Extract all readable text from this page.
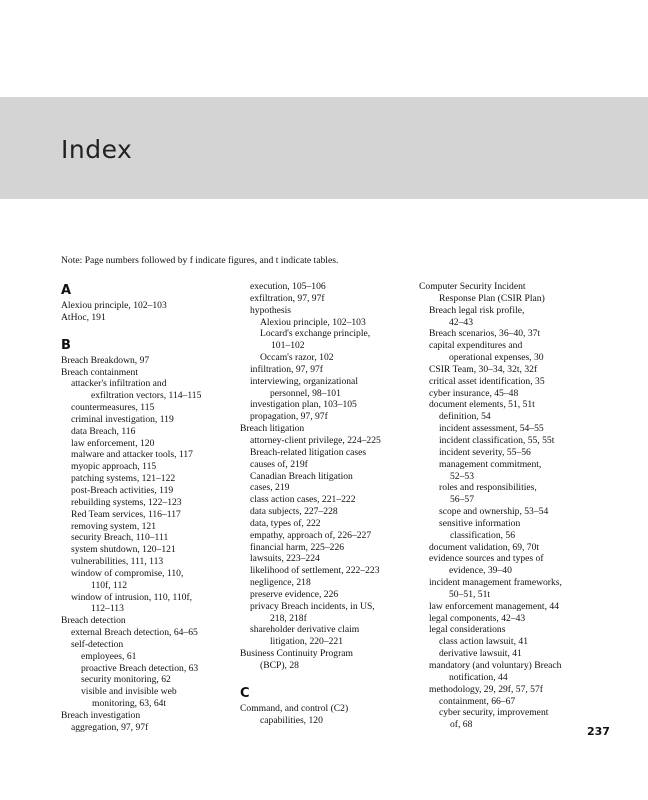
Index
Note: Page numbers followed by f indicate figures, and t indicate tables.
A
Alexiou principle, 102–103
AtHoc, 191
B
Breach Breakdown, 97
Breach containment
attacker's infiltration and
exfiltration vectors, 114–115
countermeasures, 115
criminal investigation, 119
data Breach, 116
law enforcement, 120
malware and attacker tools, 117
myopic approach, 115
patching systems, 121–122
post-Breach activities, 119
rebuilding systems, 122–123
Red Team services, 116–117
removing system, 121
security Breach, 110–111
system shutdown, 120–121
vulnerabilities, 111, 113
window of compromise, 110,
110f, 112
window of intrusion, 110, 110f,
112–113
Breach detection
external Breach detection, 64–65
self-detection
employees, 61
proactive Breach detection, 63
security monitoring, 62
visible and invisible web
monitoring, 63, 64t
Breach investigation
aggregation, 97, 97f
execution, 105–106
exfiltration, 97, 97f
hypothesis
Alexiou principle, 102–103
Locard's exchange principle,
101–102
Occam's razor, 102
infiltration, 97, 97f
interviewing, organizational
personnel, 98–101
investigation plan, 103–105
propagation, 97, 97f
Breach litigation
attorney-client privilege, 224–225
Breach-related litigation cases
causes of, 219f
Canadian Breach litigation
cases, 219
class action cases, 221–222
data subjects, 227–228
data, types of, 222
empathy, approach of, 226–227
financial harm, 225–226
lawsuits, 223–224
likelihood of settlement, 222–223
negligence, 218
preserve evidence, 226
privacy Breach incidents, in US,
218, 218f
shareholder derivative claim
litigation, 220–221
Business Continuity Program
(BCP), 28
C
Command, and control (C2)
capabilities, 120
Computer Security Incident
Response Plan (CSIR Plan)
Breach legal risk profile,
42–43
Breach scenarios, 36–40, 37t
capital expenditures and
operational expenses, 30
CSIR Team, 30–34, 32t, 32f
critical asset identification, 35
cyber insurance, 45–48
document elements, 51, 51t
definition, 54
incident assessment, 54–55
incident classification, 55, 55t
incident severity, 55–56
management commitment,
52–53
roles and responsibilities,
56–57
scope and ownership, 53–54
sensitive information
classification, 56
document validation, 69, 70t
evidence sources and types of
evidence, 39–40
incident management frameworks,
50–51, 51t
law enforcement management, 44
legal components, 42–43
legal considerations
class action lawsuit, 41
derivative lawsuit, 41
mandatory (and voluntary) Breach
notification, 44
methodology, 29, 29f, 57, 57f
containment, 66–67
cyber security, improvement
of, 68
237
